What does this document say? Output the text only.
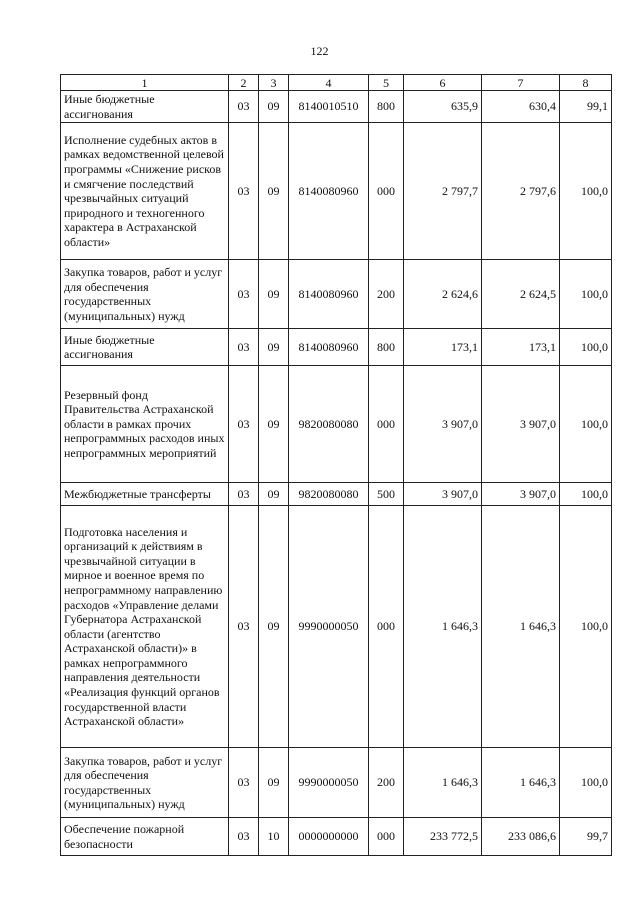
122
1	2	3	4	5	6	7	8
Иные бюджетные ассигнования	03	09	8140010510	800	635,9	630,4	99,1
Исполнение судебных актов в рамках ведомственной целевой программы «Снижение рисков и смягчение последствий чрезвычайных ситуаций природного и техногенного характера в Астраханской области»	03	09	8140080960	000	2 797,7	2 797,6	100,0
Закупка товаров, работ и услуг для обеспечения государственных (муниципальных) нужд	03	09	8140080960	200	2 624,6	2 624,5	100,0
Иные бюджетные ассигнования	03	09	8140080960	800	173,1	173,1	100,0
Резервный фонд Правительства Астраханской области в рамках прочих непрограммных расходов иных непрограммных мероприятий	03	09	9820080080	000	3 907,0	3 907,0	100,0
Межбюджетные трансферты	03	09	9820080080	500	3 907,0	3 907,0	100,0
Подготовка населения и организаций к действиям в чрезвычайной ситуации в мирное и военное время по непрограммному направлению расходов «Управление делами Губернатора Астраханской области (агентство Астраханской области)» в рамках непрограммного направления деятельности «Реализация функций органов государственной власти Астраханской области»	03	09	9990000050	000	1 646,3	1 646,3	100,0
Закупка товаров, работ и услуг для обеспечения государственных (муниципальных) нужд	03	09	9990000050	200	1 646,3	1 646,3	100,0
Обеспечение пожарной безопасности	03	10	0000000000	000	233 772,5	233 086,6	99,7
